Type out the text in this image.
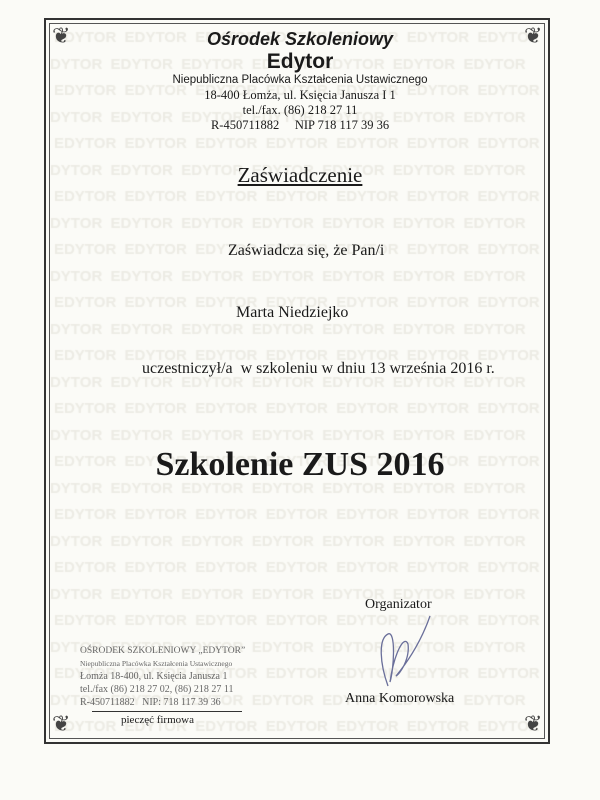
❦	❦
❦	❦
Ośrodek Szkoleniowy
Edytor
Niepubliczna Placówka Kształcenia Ustawicznego
18-400 Łomża, ul. Księcia Janusza I 1
tel./fax. (86) 218 27 11
R-450711882     NIP 718 117 39 36
Zaświadczenie
Zaświadcza się, że Pan/i
Marta Niedziejko
uczestniczył/a  w szkoleniu w dniu 13 września 2016 r.
Szkolenie ZUS 2016
Organizator
Anna Komorowska
OŚRODEK SZKOLENIOWY „EDYTOR”
Niepubliczna Placówka Kształcenia Ustawicznego
Łomża 18-400, ul. Księcia Janusza 1
tel./fax (86) 218 27 02, (86) 218 27 11
R-450711882   NIP: 718 117 39 36
pieczęć firmowa
